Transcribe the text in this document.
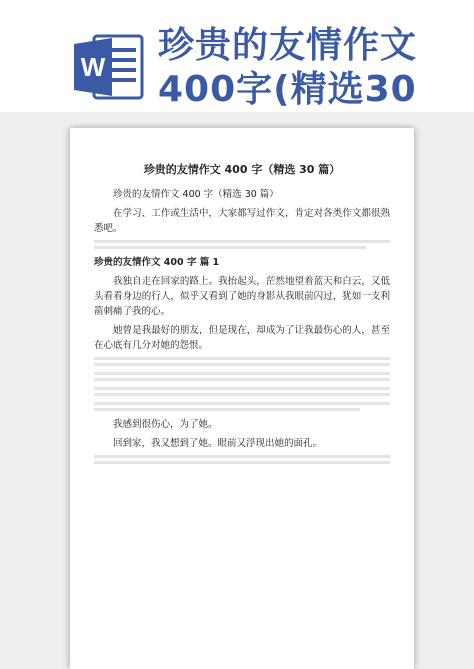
W
珍贵的友情作文400字(精选30
珍贵的友情作文 400 字（精选 30 篇）

珍贵的友情作文 400 字（精选 30 篇）

在学习、工作或生活中，大家都写过作文，肯定对各类作文都很熟悉吧。

珍贵的友情作文 400 字 篇 1

我独自走在回家的路上。我抬起头，茫然地望着蓝天和白云，又低头看看身边的行人，似乎又看到了她的身影从我眼前闪过，犹如一支利箭刺痛了我的心。

她曾是我最好的朋友，但是现在，却成为了让我最伤心的人，甚至在心底有几分对她的怨恨。

我感到很伤心，为了她。

回到家，我又想到了她。眼前又浮现出她的面孔。
